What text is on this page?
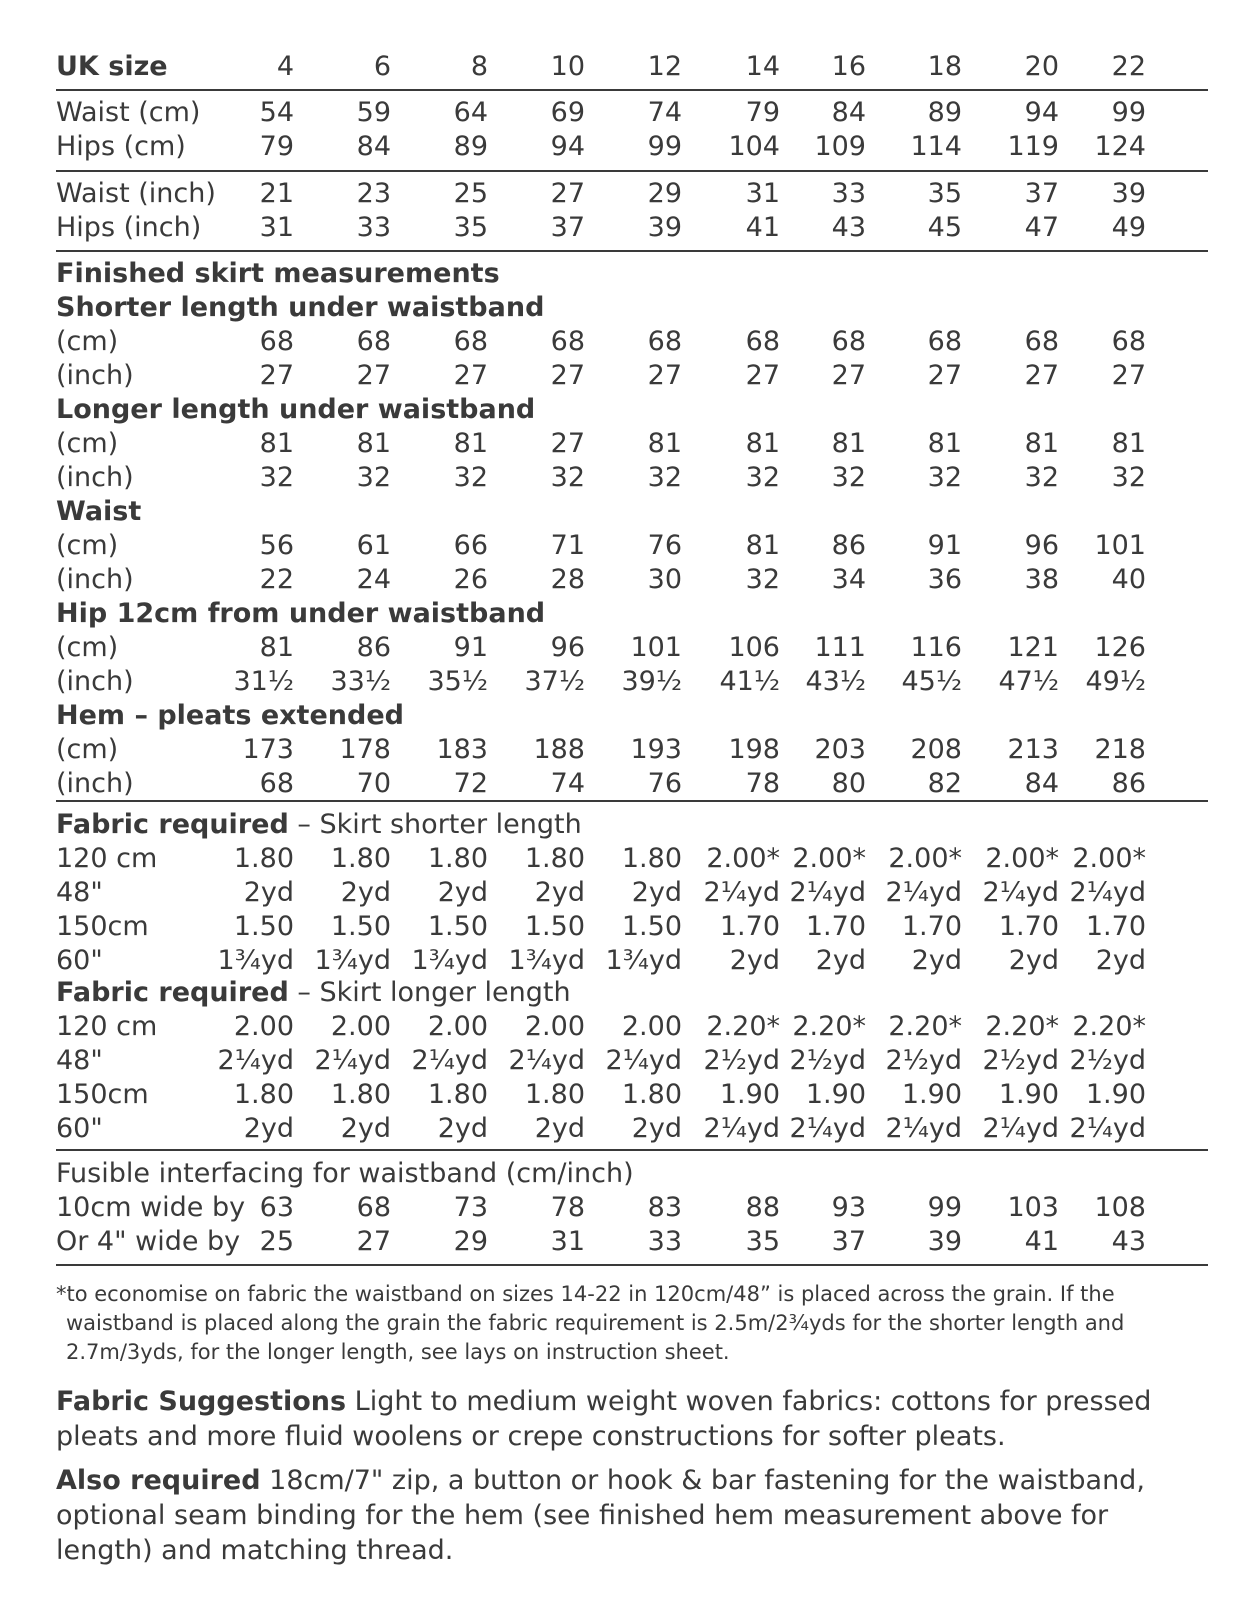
UK size	4	6	8	10	12	14	16	18	20	22
Waist (cm)	54	59	64	69	74	79	84	89	94	99
Hips (cm)	79	84	89	94	99	104	109	114	119	124
Waist (inch)	21	23	25	27	29	31	33	35	37	39
Hips (inch)	31	33	35	37	39	41	43	45	47	49
Finished skirt measurements
Shorter length under waistband
(cm)	68	68	68	68	68	68	68	68	68	68
(inch)	27	27	27	27	27	27	27	27	27	27
Longer length under waistband
(cm)	81	81	81	27	81	81	81	81	81	81
(inch)	32	32	32	32	32	32	32	32	32	32
Waist
(cm)	56	61	66	71	76	81	86	91	96	101
(inch)	22	24	26	28	30	32	34	36	38	40
Hip 12cm from under waistband
(cm)	81	86	91	96	101	106	111	116	121	126
(inch)	31½	33½	35½	37½	39½	41½ 43½	45½	47½ 49½
Hem – pleats extended
(cm)	173	178	183	188	193	198	203	208	213	218
(inch)	68	70	72	74	76	78	80	82	84	86
Fabric required – Skirt shorter length
120 cm	1.80	1.80	1.80	1.80	1.80 2.00* 2.00* 2.00* 2.00* 2.00*
48"	2yd	2yd	2yd	2yd	2yd 2¼yd 2¼yd 2¼yd 2¼yd 2¼yd
150cm	1.50	1.50	1.50	1.50	1.50	1.70 1.70	1.70	1.70 1.70
60"	1¾yd 1¾yd 1¾yd 1¾yd 1¾yd	2yd	2yd	2yd	2yd	2yd
Fabric required – Skirt longer length
120 cm	2.00	2.00	2.00	2.00	2.00 2.20* 2.20* 2.20* 2.20* 2.20*
48"	2¼yd 2¼yd 2¼yd 2¼yd 2¼yd 2½yd 2½yd 2½yd 2½yd 2½yd
150cm	1.80	1.80	1.80	1.80	1.80	1.90 1.90	1.90	1.90 1.90
60"	2yd	2yd	2yd	2yd	2yd 2¼yd 2¼yd 2¼yd 2¼yd 2¼yd
Fusible interfacing for waistband (cm/inch)
10cm wide by 63	68	73	78	83	88	93	99	103	108
Or 4" wide by 25	27	29	31	33	35	37	39	41	43
*to economise on fabric the waistband on sizes 14-22 in 120cm/48” is placed across the grain. If the
waistband is placed along the grain the fabric requirement is 2.5m/2¾yds for the shorter length and
2.7m/3yds, for the longer length, see lays on instruction sheet.
Fabric Suggestions Light to medium weight woven fabrics: cottons for pressed pleats and more fluid woolens or crepe constructions for softer pleats.
Also required 18cm/7" zip, a button or hook & bar fastening for the waistband, optional seam binding for the hem (see finished hem measurement above for length) and matching thread.
